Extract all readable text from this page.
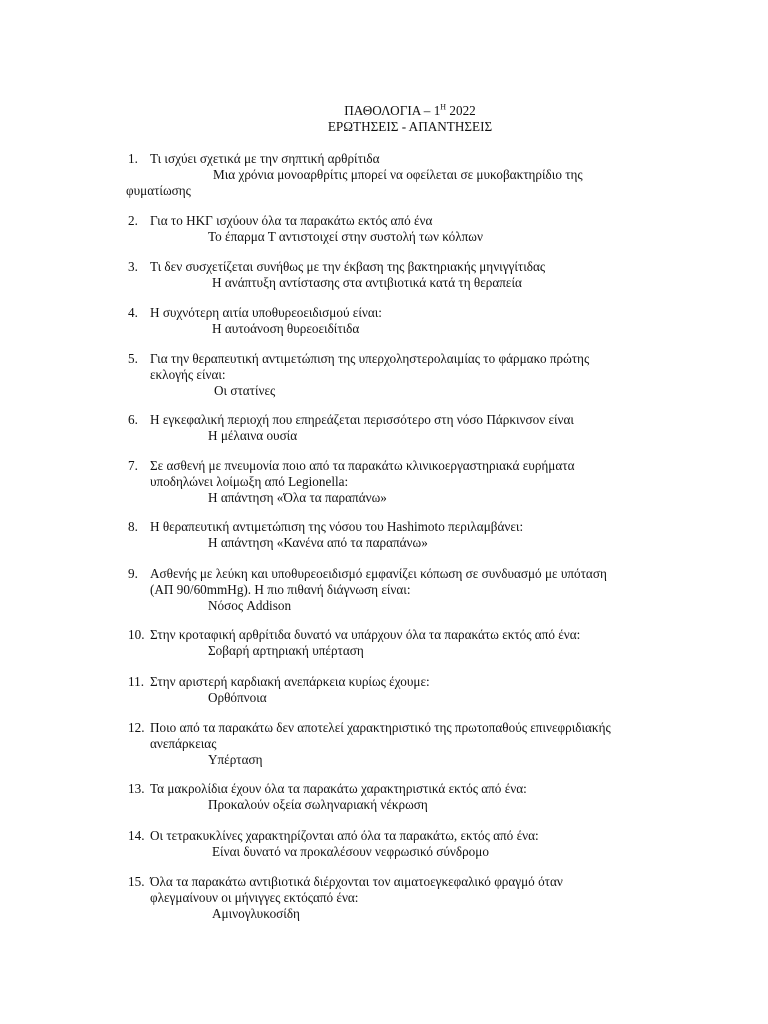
ΠΑΘΟΛΟΓΙΑ – $1^H$ 2022
ΕΡΩΤΗΣΕΙΣ - ΑΠΑΝΤΗΣΕΙΣ
1. Τι ισχύει σχετικά με την σηπτική αρθρίτιδα
Μια χρόνια μονοαρθρίτις μπορεί να οφείλεται σε μυκοβακτηρίδιο της
φυματίωσης
2. Για το ΗΚΓ ισχύουν όλα τα παρακάτω εκτός από ένα
Το έπαρμα Τ αντιστοιχεί στην συστολή των κόλπων
3. Τι δεν συσχετίζεται συνήθως με την έκβαση της βακτηριακής μηνιγγίτιδας
Η ανάπτυξη αντίστασης στα αντιβιοτικά κατά τη θεραπεία
4. Η συχνότερη αιτία υποθυρεοειδισμού είναι:
Η αυτοάνοση θυρεοειδίτιδα
5. Για την θεραπευτική αντιμετώπιση της υπερχοληστερολαιμίας το φάρμακο πρώτης
εκλογής είναι:
Οι στατίνες
6. Η εγκεφαλική περιοχή που επηρεάζεται περισσότερο στη νόσο Πάρκινσον είναι
Η μέλαινα ουσία
7. Σε ασθενή με πνευμονία ποιο από τα παρακάτω κλινικοεργαστηριακά ευρήματα
υποδηλώνει λοίμωξη από Legionella:
Η απάντηση «Όλα τα παραπάνω»
8. Η θεραπευτική αντιμετώπιση της νόσου του Hashimoto περιλαμβάνει:
Η απάντηση «Κανένα από τα παραπάνω»
9. Ασθενής με λεύκη και υποθυρεοειδισμό εμφανίζει κόπωση σε συνδυασμό με υπόταση
(ΑΠ 90/60mmHg). Η πιο πιθανή διάγνωση είναι:
Νόσος Addison
10. Στην κροταφική αρθρίτιδα δυνατό να υπάρχουν όλα τα παρακάτω εκτός από ένα:
Σοβαρή αρτηριακή υπέρταση
11. Στην αριστερή καρδιακή ανεπάρκεια κυρίως έχουμε:
Ορθόπνοια
12. Ποιο από τα παρακάτω δεν αποτελεί χαρακτηριστικό της πρωτοπαθούς επινεφριδιακής
ανεπάρκειας
Υπέρταση
13. Τα μακρολίδια έχουν όλα τα παρακάτω χαρακτηριστικά εκτός από ένα:
Προκαλούν οξεία σωληναριακή νέκρωση
14. Οι τετρακυκλίνες χαρακτηρίζονται από όλα τα παρακάτω, εκτός από ένα:
Είναι δυνατό να προκαλέσουν νεφρωσικό σύνδρομο
15. Όλα τα παρακάτω αντιβιοτικά διέρχονται τον αιματοεγκεφαλικό φραγμό όταν
φλεγμαίνουν οι μήνιγγες εκτόςαπό ένα:
Αμινογλυκοσίδη
